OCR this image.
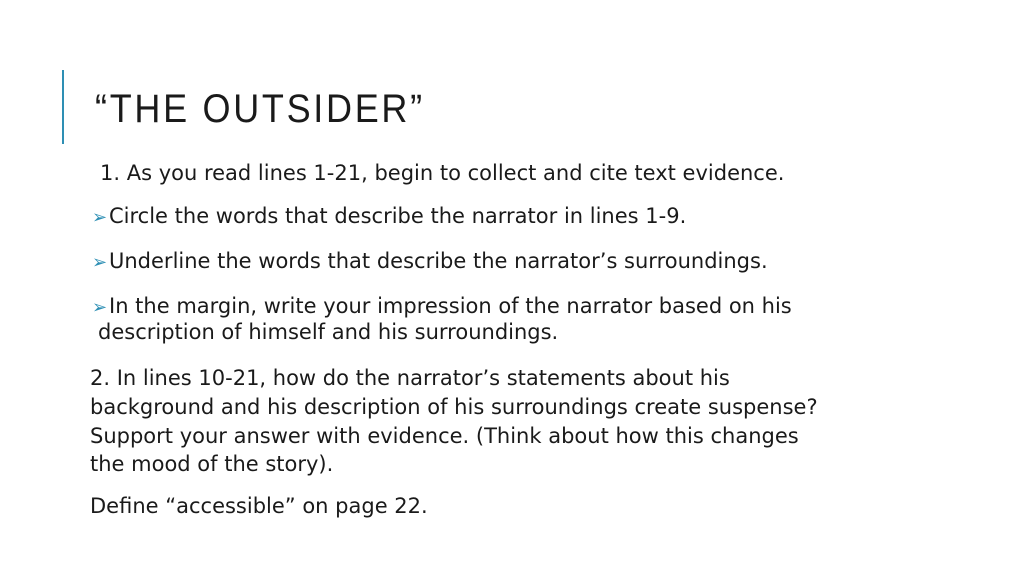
“THE OUTSIDER”
1. As you read lines 1-21, begin to collect and cite text evidence.
➢Circle the words that describe the narrator in lines 1-9.
➢Underline the words that describe the narrator’s surroundings.
➢In the margin, write your impression of the narrator based on his
description of himself and his surroundings.
2. In lines 10-21, how do the narrator’s statements about his
background and his description of his surroundings create suspense?
Support your answer with evidence. (Think about how this changes
the mood of the story).
Define “accessible” on page 22.
